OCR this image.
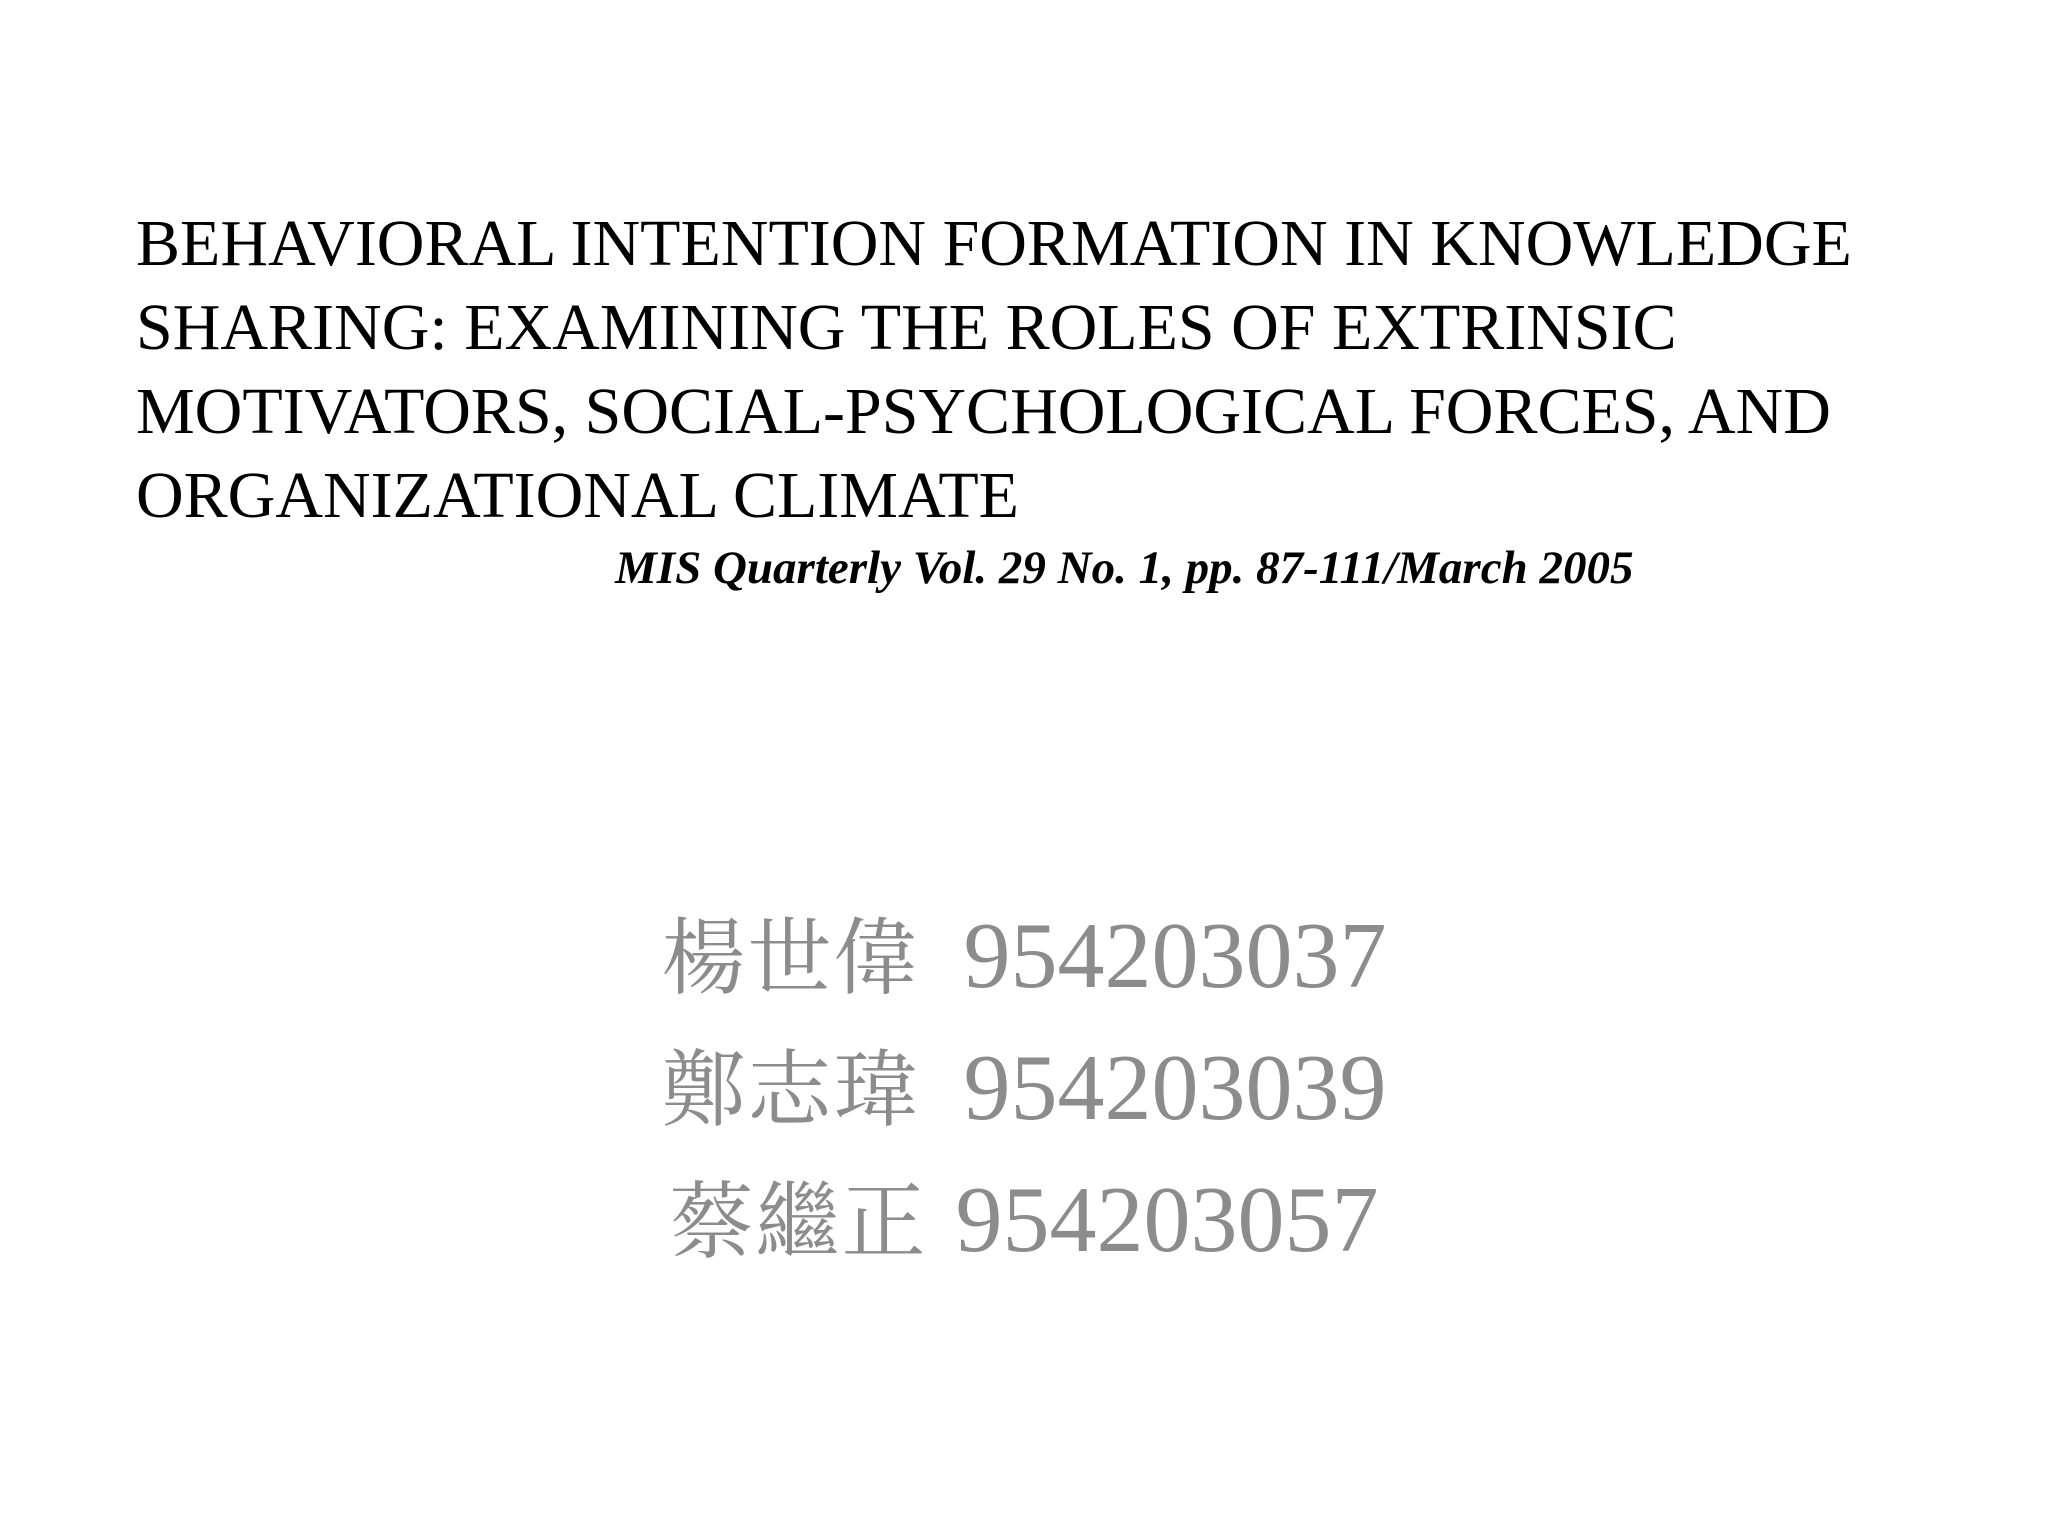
BEHAVIORAL INTENTION FORMATION IN KNOWLEDGE
SHARING: EXAMINING THE ROLES OF EXTRINSIC
MOTIVATORS, SOCIAL-PSYCHOLOGICAL FORCES, AND
ORGANIZATIONAL CLIMATE

MIS Quarterly Vol. 29 No. 1, pp. 87-111/March 2005

楊世偉 954203037
鄭志瑋 954203039
蔡繼正 954203057
